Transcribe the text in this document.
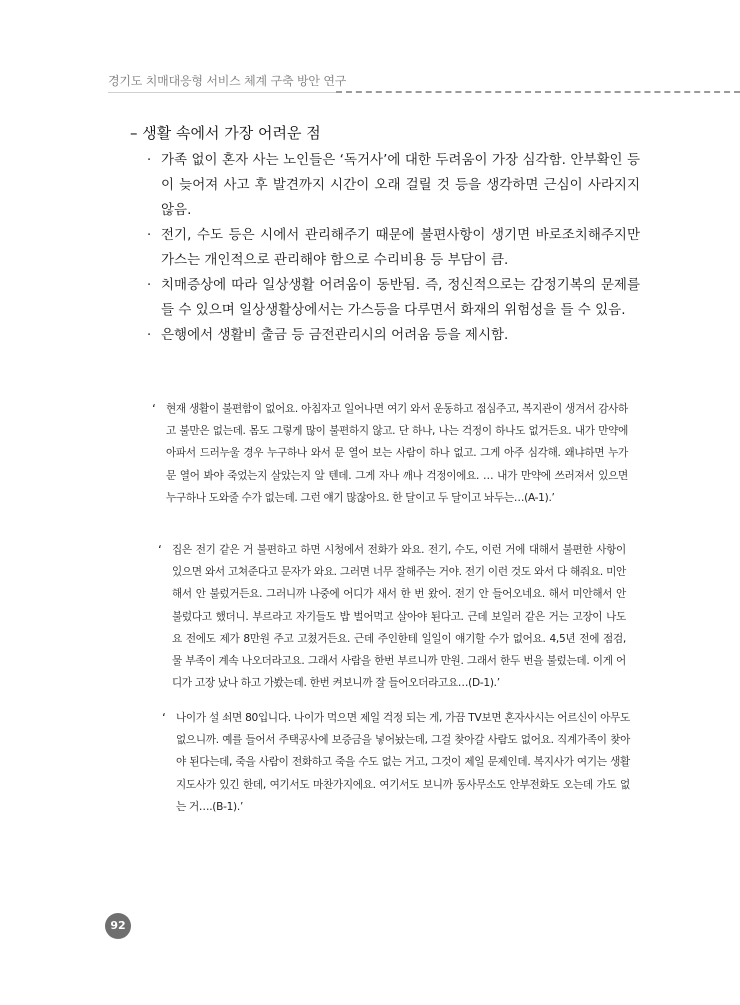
경기도 치매대응형 서비스 체계 구축 방안 연구
– 생활 속에서 가장 어려운 점
· 가족 없이 혼자 사는 노인들은 ‘독거사’에 대한 두려움이 가장 심각함. 안부확인 등이 늦어져 사고 후 발견까지 시간이 오래 걸릴 것 등을 생각하면 근심이 사라지지 않음.
· 전기, 수도 등은 시에서 관리해주기 때문에 불편사항이 생기면 바로조치해주지만 가스는 개인적으로 관리해야 함으로 수리비용 등 부담이 큼.
· 치매증상에 따라 일상생활 어려움이 동반됨. 즉, 정신적으로는 감정기복의 문제를 들 수 있으며 일상생활상에서는 가스등을 다루면서 화재의 위험성을 들 수 있음.
· 은행에서 생활비 출금 등 금전관리시의 어려움 등을 제시함.
‘ 현재 생활이 불편함이 없어요. 아침자고 일어나면 여기 와서 운동하고 점심주고, 복지관이 생겨서 감사하고 불만은 없는데. 몸도 그렇게 많이 불편하지 않고. 단 하나, 나는 걱정이 하나도 없거든요. 내가 만약에 아파서 드러누울 경우 누구하나 와서 문 열어 보는 사람이 하나 없고. 그게 아주 심각해. 왜냐하면 누가 문 열어 봐야 죽었는지 살았는지 알 텐데. 그게 자나 깨나 걱정이에요. … 내가 만약에 쓰러져서 있으면 누구하나 도와줄 수가 없는데. 그런 얘기 많잖아요. 한 달이고 두 달이고 놔두는…(A-1).’
‘ 집은 전기 같은 거 불편하고 하면 시청에서 전화가 와요. 전기, 수도, 이런 거에 대해서 불편한 사항이 있으면 와서 고쳐준다고 문자가 와요. 그러면 너무 잘해주는 거야. 전기 이런 것도 와서 다 해줘요. 미안해서 안 불렀거든요. 그러니까 나중에 어디가 새서 한 번 왔어. 전기 안 들어오네요. 해서 미안해서 안 불렀다고 했더니. 부르라고 자기들도 밥 벌어먹고 살아야 된다고. 근데 보일러 같은 거는 고장이 나도 요 전에도 제가 8만원 주고 고쳤거든요. 근데 주인한테 일일이 얘기할 수가 없어요. 4,5년 전에 점검, 물 부족이 계속 나오더라고요. 그래서 사람을 한번 부르니까 만원. 그래서 한두 번을 불렀는데. 이게 어디가 고장 났나 하고 가봤는데. 한번 켜보니까 잘 들어오더라고요…(D-1).’
‘ 나이가 설 쇠면 80입니다. 나이가 먹으면 제일 걱정 되는 게, 가끔 TV보면 혼자사시는 어르신이 아무도 없으니까. 예를 들어서 주택공사에 보증금을 넣어놨는데, 그걸 찾아갈 사람도 없어요. 직계가족이 찾아야 된다는데, 죽을 사람이 전화하고 죽을 수도 없는 거고, 그것이 제일 문제인데. 복지사가 여기는 생활지도사가 있긴 한데, 여기서도 마찬가지에요. 여기서도 보니까 동사무소도 안부전화도 오는데 가도 없는 거….(B-1).’
92
